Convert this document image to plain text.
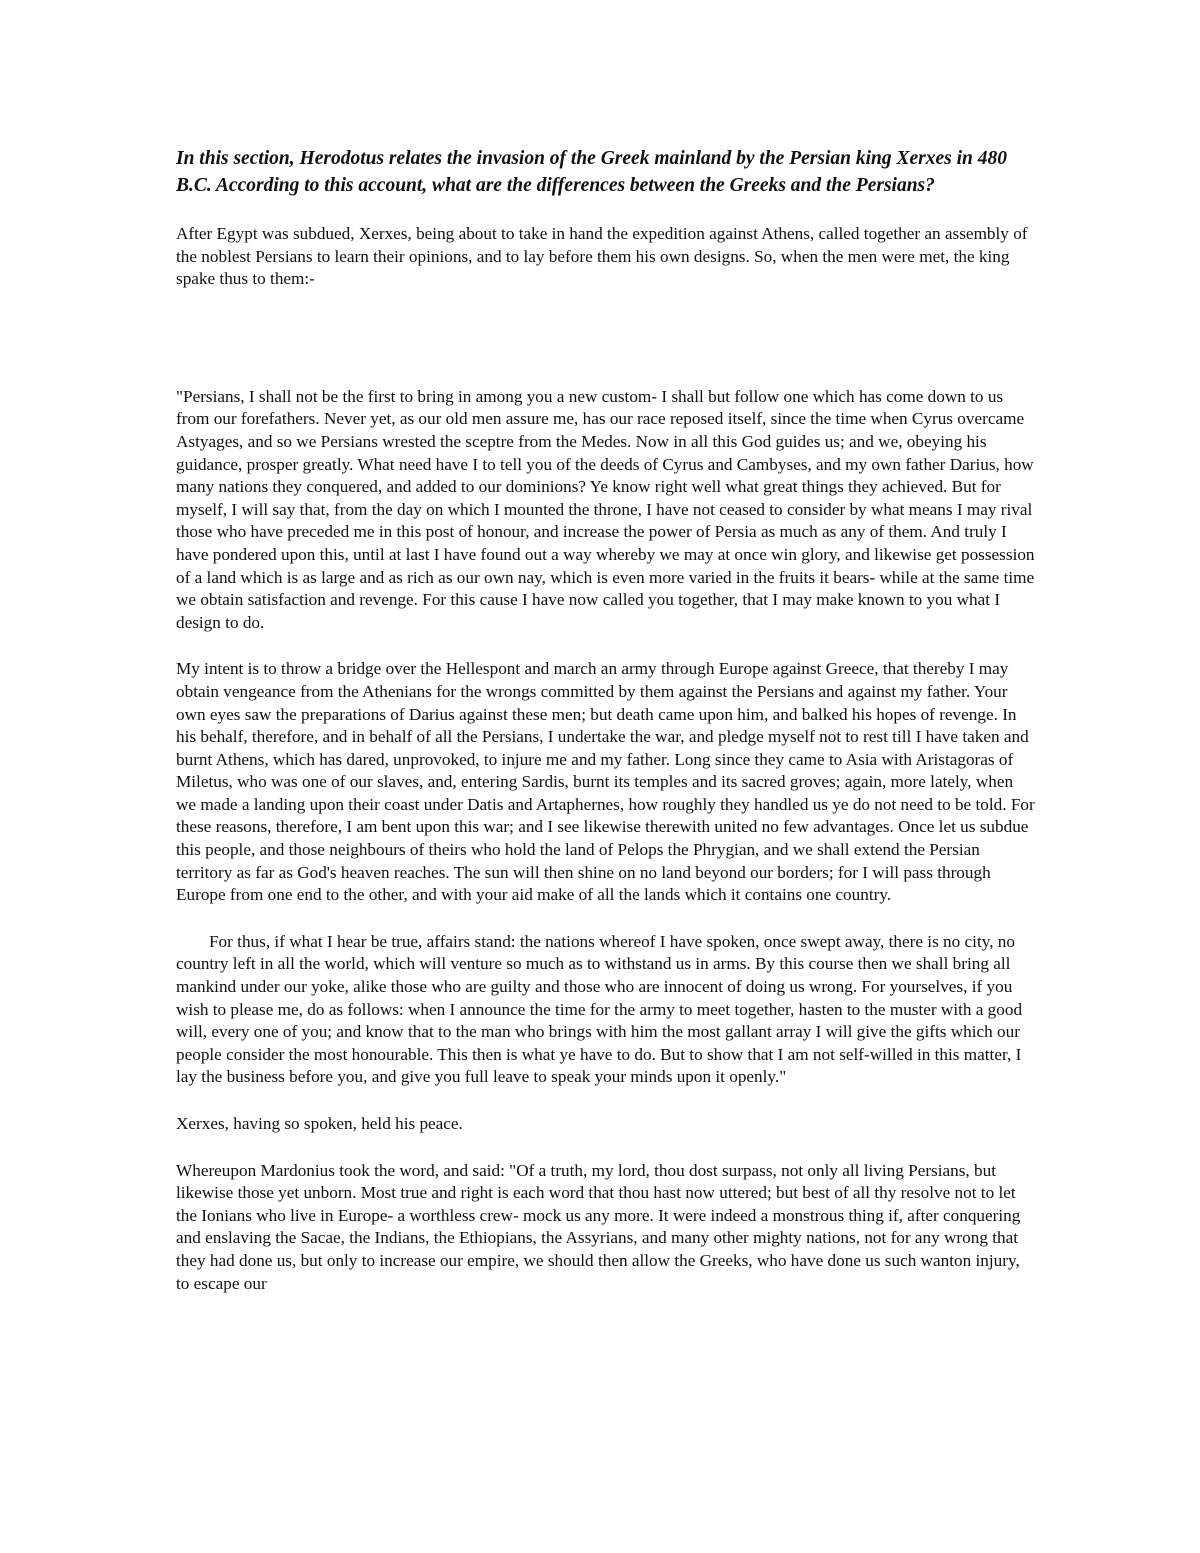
In this section, Herodotus relates the invasion of the Greek mainland by the Persian king Xerxes in 480 B.C. According to this account, what are the differences between the Greeks and the Persians?

After Egypt was subdued, Xerxes, being about to take in hand the expedition against Athens, called together an assembly of the noblest Persians to learn their opinions, and to lay before them his own designs. So, when the men were met, the king spake thus to them:-

"Persians, I shall not be the first to bring in among you a new custom- I shall but follow one which has come down to us from our forefathers. Never yet, as our old men assure me, has our race reposed itself, since the time when Cyrus overcame Astyages, and so we Persians wrested the sceptre from the Medes. Now in all this God guides us; and we, obeying his guidance, prosper greatly. What need have I to tell you of the deeds of Cyrus and Cambyses, and my own father Darius, how many nations they conquered, and added to our dominions? Ye know right well what great things they achieved. But for myself, I will say that, from the day on which I mounted the throne, I have not ceased to consider by what means I may rival those who have preceded me in this post of honour, and increase the power of Persia as much as any of them. And truly I have pondered upon this, until at last I have found out a way whereby we may at once win glory, and likewise get possession of a land which is as large and as rich as our own nay, which is even more varied in the fruits it bears- while at the same time we obtain satisfaction and revenge. For this cause I have now called you together, that I may make known to you what I design to do.

My intent is to throw a bridge over the Hellespont and march an army through Europe against Greece, that thereby I may obtain vengeance from the Athenians for the wrongs committed by them against the Persians and against my father. Your own eyes saw the preparations of Darius against these men; but death came upon him, and balked his hopes of revenge. In his behalf, therefore, and in behalf of all the Persians, I undertake the war, and pledge myself not to rest till I have taken and burnt Athens, which has dared, unprovoked, to injure me and my father. Long since they came to Asia with Aristagoras of Miletus, who was one of our slaves, and, entering Sardis, burnt its temples and its sacred groves; again, more lately, when we made a landing upon their coast under Datis and Artaphernes, how roughly they handled us ye do not need to be told. For these reasons, therefore, I am bent upon this war; and I see likewise therewith united no few advantages. Once let us subdue this people, and those neighbours of theirs who hold the land of Pelops the Phrygian, and we shall extend the Persian territory as far as God's heaven reaches. The sun will then shine on no land beyond our borders; for I will pass through Europe from one end to the other, and with your aid make of all the lands which it contains one country.

For thus, if what I hear be true, affairs stand: the nations whereof I have spoken, once swept away, there is no city, no country left in all the world, which will venture so much as to withstand us in arms. By this course then we shall bring all mankind under our yoke, alike those who are guilty and those who are innocent of doing us wrong. For yourselves, if you wish to please me, do as follows: when I announce the time for the army to meet together, hasten to the muster with a good will, every one of you; and know that to the man who brings with him the most gallant array I will give the gifts which our people consider the most honourable. This then is what ye have to do. But to show that I am not self-willed in this matter, I lay the business before you, and give you full leave to speak your minds upon it openly."

Xerxes, having so spoken, held his peace.

Whereupon Mardonius took the word, and said: "Of a truth, my lord, thou dost surpass, not only all living Persians, but likewise those yet unborn. Most true and right is each word that thou hast now uttered; but best of all thy resolve not to let the Ionians who live in Europe- a worthless crew- mock us any more. It were indeed a monstrous thing if, after conquering and enslaving the Sacae, the Indians, the Ethiopians, the Assyrians, and many other mighty nations, not for any wrong that they had done us, but only to increase our empire, we should then allow the Greeks, who have done us such wanton injury, to escape our
